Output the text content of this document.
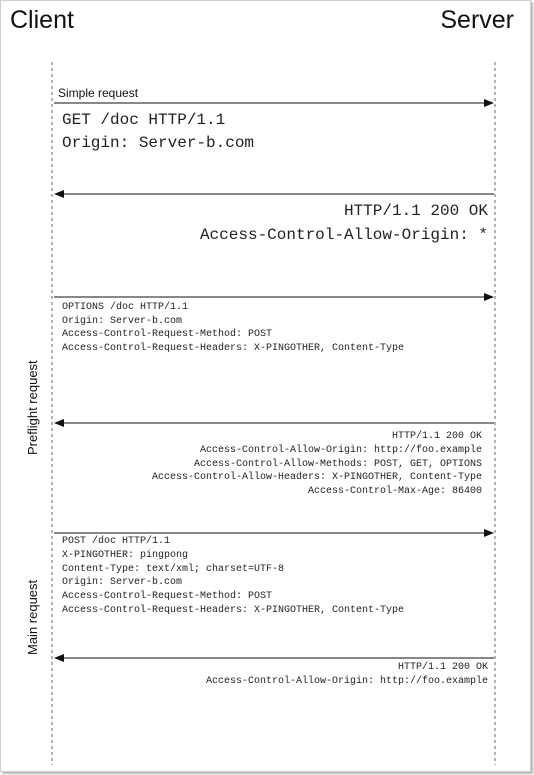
Client	Server
Simple request
GET /doc HTTP/1.1
Origin: Server-b.com
HTTP/1.1 200 OK
Access-Control-Allow-Origin: *
Preflight request
OPTIONS /doc HTTP/1.1
Origin: Server-b.com
Access-Control-Request-Method: POST
Access-Control-Request-Headers: X-PINGOTHER, Content-Type
HTTP/1.1 200 OK
Access-Control-Allow-Origin: http://foo.example
Access-Control-Allow-Methods: POST, GET, OPTIONS
Access-Control-Allow-Headers: X-PINGOTHER, Content-Type
Access-Control-Max-Age: 86400
Main request
POST /doc HTTP/1.1
X-PINGOTHER: pingpong
Content-Type: text/xml; charset=UTF-8
Origin: Server-b.com
Access-Control-Request-Method: POST
Access-Control-Request-Headers: X-PINGOTHER, Content-Type
HTTP/1.1 200 OK
Access-Control-Allow-Origin: http://foo.example
